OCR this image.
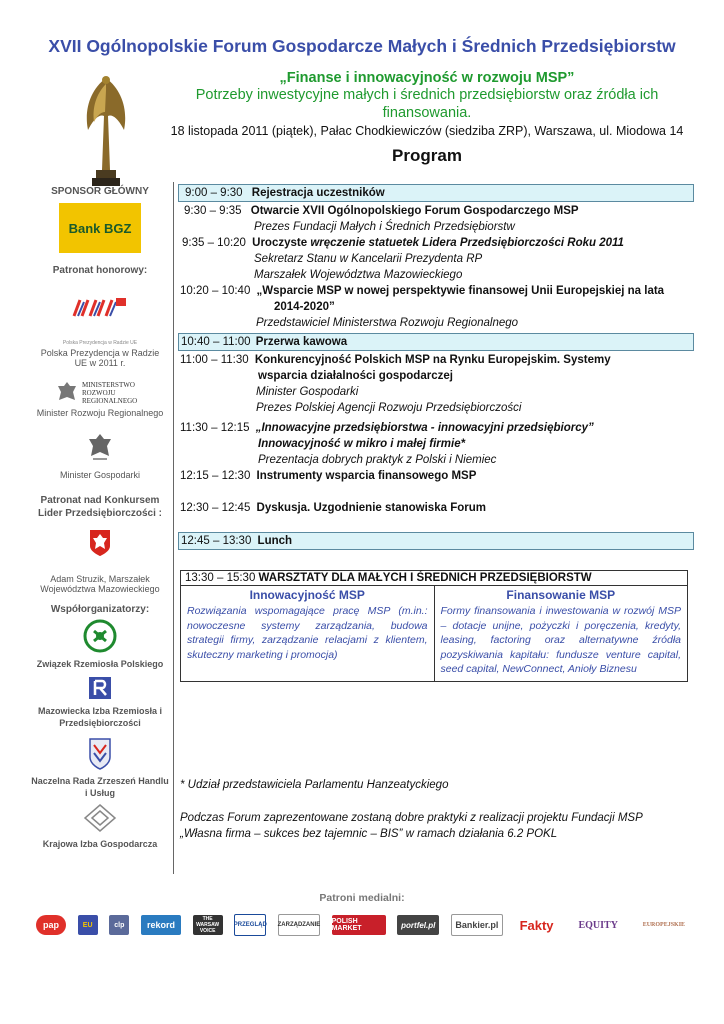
XVII Ogólnopolskie Forum Gospodarcze Małych i Średnich Przedsiębiorstw
„Finanse i innowacyjność w rozwoju MSP”
Potrzeby inwestycyjne małych i średnich przedsiębiorstw oraz źródła ich finansowania.
18 listopada 2011 (piątek), Pałac Chodkiewiczów (siedziba ZRP), Warszawa, ul. Miodowa 14
Program
SPONSOR GŁÓWNY
Bank BGZ
Patronat honorowy:
Polska Prezydencja w Radzie UE
Polska Prezydencja w Radzie UE w 2011 r.
MINISTERSTWO ROZWOJU REGIONALNEGO
Minister Rozwoju Regionalnego
Minister Gospodarki
Patronat nad Konkursem Lider Przedsiębiorczości :
Adam Struzik, Marszałek Województwa Mazowieckiego
Współorganizatorzy:
Związek Rzemiosła Polskiego
Mazowiecka Izba Rzemiosła i Przedsiębiorczości
Naczelna Rada Zrzeszeń Handlu i Usług
Krajowa Izba Gospodarcza
9:00 – 9:30 Rejestracja uczestników
9:30 – 9:35 Otwarcie XVII Ogólnopolskiego Forum Gospodarczego MSP
Prezes Fundacji Małych i Średnich Przedsiębiorstw
9:35 – 10:20 Uroczyste wręczenie statuetek Lidera Przedsiębiorczości Roku 2011
Sekretarz Stanu w Kancelarii Prezydenta RP
Marszałek Województwa Mazowieckiego
10:20 – 10:40 „Wsparcie MSP w nowej perspektywie finansowej Unii Europejskiej na lata
2014-2020”
Przedstawiciel Ministerstwa Rozwoju Regionalnego
10:40 – 11:00 Przerwa kawowa
11:00 – 11:30 Konkurencyjność Polskich MSP na Rynku Europejskim. Systemy
wsparcia działalności gospodarczej
Minister Gospodarki
Prezes Polskiej Agencji Rozwoju Przedsiębiorczości
11:30 – 12:15 „Innowacyjne przedsiębiorstwa - innowacyjni przedsiębiorcy”
Innowacyjność w mikro i małej firmie*
Prezentacja dobrych praktyk z Polski i Niemiec
12:15 – 12:30 Instrumenty wsparcia finansowego MSP
12:30 – 12:45 Dyskusja. Uzgodnienie stanowiska Forum
12:45 – 13:30 Lunch
13:30 – 15:30 WARSZTATY DLA MAŁYCH I ŚREDNICH PRZEDSIĘBIORSTW
Innowacyjność MSP

Rozwiązania wspomagające pracę MSP (m.in.: nowoczesne systemy zarządzania, budowa strategii firmy, zarządzanie relacjami z klientem, skuteczny marketing i promocja)

Finansowanie MSP

Formy finansowania i inwestowania w rozwój MSP – dotacje unijne, pożyczki i poręczenia, kredyty, leasing, factoring oraz alternatywne źródła pozyskiwania kapitału: fundusze venture capital, seed capital, NewConnect, Anioły Biznesu

* Udział przedstawiciela Parlamentu Hanzeatyckiego
Podczas Forum zaprezentowane zostaną dobre praktyki z realizacji projektu Fundacji MSP
„Własna firma – sukces bez tajemnic – BIS” w ramach działania 6.2 POKL
Patroni medialni:
pap	EU	clp	rekord
THE WARSAW VOICE
PRZEGLĄD ZARZĄDZANIE POLISH MARKET	portfel.pl Bankier.pl Fakty EQUITY	EUROPEJSKIE
